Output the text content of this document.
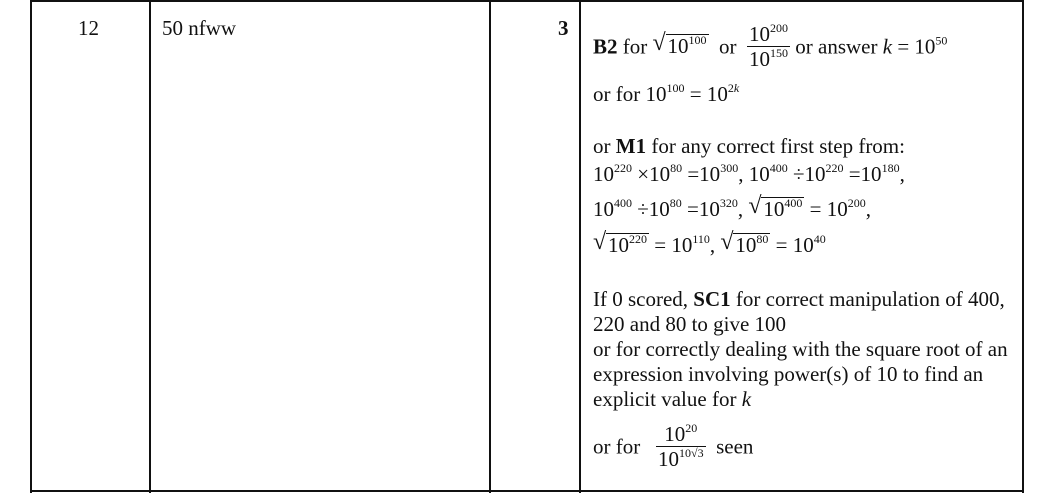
12	50 nfww	3
B2 for √ $10^{100}$ or $\frac{10^{200}}{10^{150}}$ or answer $k = 10^{50}$
or for $10^{100} = 10^{2k}$
or M1 for any correct first step from:
$10^{220} \times 10^{80} =10^{300}$, $10^{400} \div 10^{220} =10^{180}$,
$10^{400} \div 10^{80} =10^{320}$, √ $10^{400} = 10^{200}$,
√ $10^{220} = 10^{110}$, √ $10^{80} = 10^{40}$
If 0 scored, SC1 for correct manipulation of 400, 220 and 80 to give 100
or for correctly dealing with the square root of an expression involving power(s) of 10 to find an explicit value for k
or for $\frac{10^{20}}{10^{10√3}}$ seen
